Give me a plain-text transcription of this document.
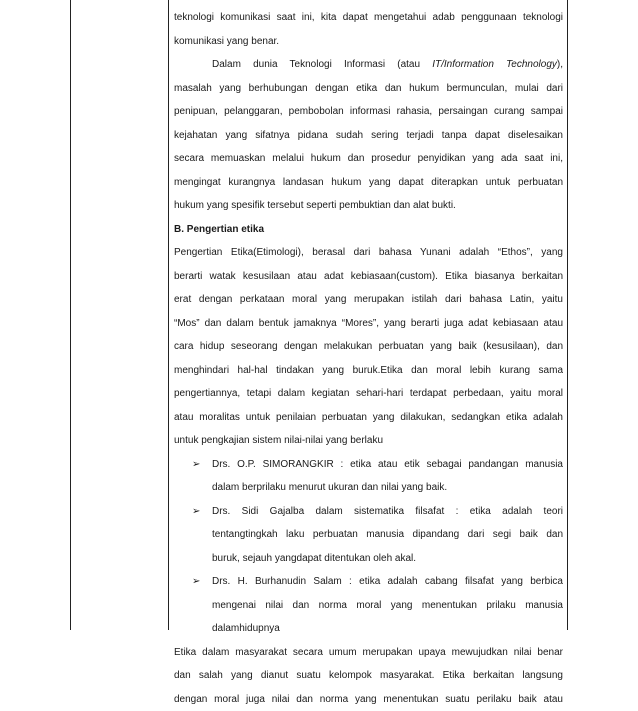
teknologi komunikasi saat ini, kita dapat mengetahui adab penggunaan teknologi
komunikasi yang benar.
Dalam dunia Teknologi Informasi (atau IT/Information Technology),
masalah yang berhubungan dengan etika dan hukum bermunculan, mulai dari
penipuan, pelanggaran, pembobolan informasi rahasia, persaingan curang sampai
kejahatan yang sifatnya pidana sudah sering terjadi tanpa dapat diselesaikan
secara memuaskan melalui hukum dan prosedur penyidikan yang ada saat ini,
mengingat kurangnya landasan hukum yang dapat diterapkan untuk perbuatan
hukum yang spesifik tersebut seperti pembuktian dan alat bukti.
B. Pengertian etika
Pengertian Etika(Etimologi), berasal dari bahasa Yunani adalah “Ethos”, yang
berarti watak kesusilaan atau adat kebiasaan(custom). Etika biasanya berkaitan
erat dengan perkataan moral yang merupakan istilah dari bahasa Latin, yaitu
“Mos” dan dalam bentuk jamaknya “Mores”, yang berarti juga adat kebiasaan atau
cara hidup seseorang dengan melakukan perbuatan yang baik (kesusilaan), dan
menghindari hal-hal tindakan yang buruk.Etika dan moral lebih kurang sama
pengertiannya, tetapi dalam kegiatan sehari-hari terdapat perbedaan, yaitu moral
atau moralitas untuk penilaian perbuatan yang dilakukan, sedangkan etika adalah
untuk pengkajian sistem nilai-nilai yang berlaku
➢ Drs. O.P. SIMORANGKIR : etika atau etik sebagai pandangan manusia
dalam berprilaku menurut ukuran dan nilai yang baik.
➢ Drs. Sidi Gajalba dalam sistematika filsafat : etika adalah teori
tentangtingkah laku perbuatan manusia dipandang dari segi baik dan
buruk, sejauh yangdapat ditentukan oleh akal.
➢ Drs. H. Burhanudin Salam : etika adalah cabang filsafat yang berbica
mengenai nilai dan norma moral yang menentukan prilaku manusia
dalamhidupnya
Etika dalam masyarakat secara umum merupakan upaya mewujudkan nilai benar
dan salah yang dianut suatu kelompok masyarakat. Etika berkaitan langsung
dengan moral juga nilai dan norma yang menentukan suatu perilaku baik atau
